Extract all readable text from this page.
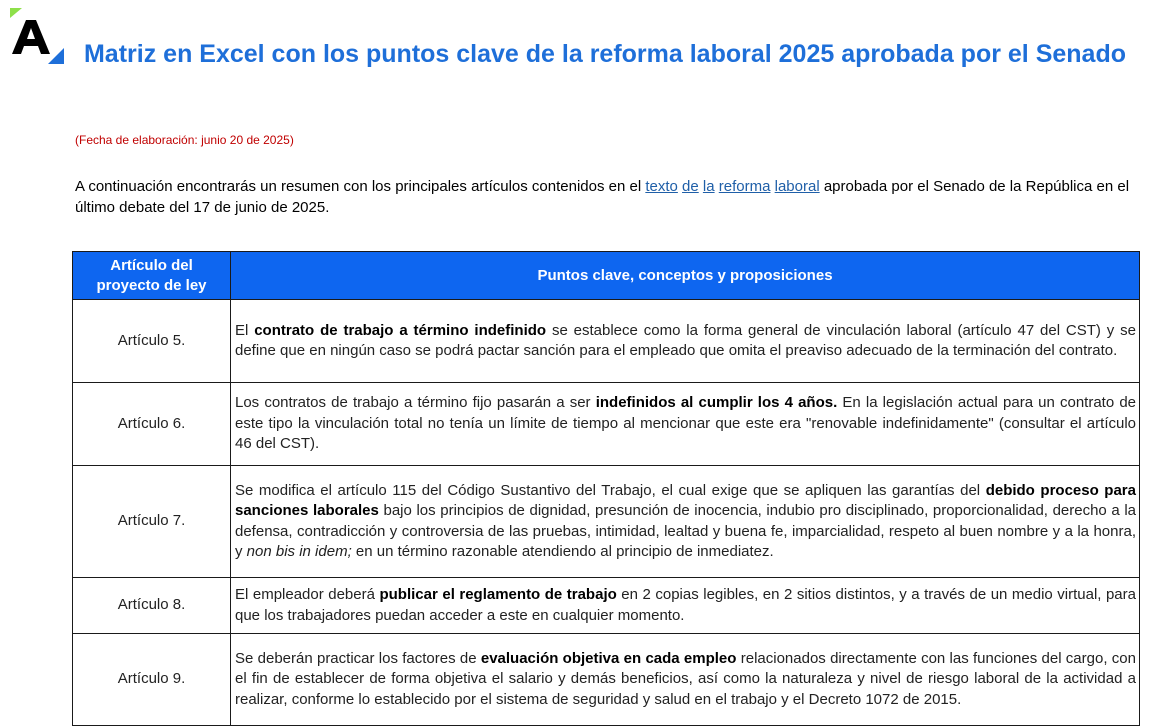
Matriz en Excel con los puntos clave de la reforma laboral 2025 aprobada por el Senado
(Fecha de elaboración: junio 20 de 2025)

A continuación encontrarás un resumen con los principales artículos contenidos en el texto de la reforma laboral aprobada por el Senado de la República en el último debate del 17 de junio de 2025.

Artículo del proyecto de ley	Puntos clave, conceptos y proposiciones
Artículo 5.	El contrato de trabajo a término indefinido se establece como la forma general de vinculación laboral (artículo 47 del CST) y se define que en ningún caso se podrá pactar sanción para el empleado que omita el preaviso adecuado de la terminación del contrato.
Artículo 6.	Los contratos de trabajo a término fijo pasarán a ser indefinidos al cumplir los 4 años. En la legislación actual para un contrato de este tipo la vinculación total no tenía un límite de tiempo al mencionar que este era "renovable indefinidamente" (consultar el artículo 46 del CST).
Artículo 7.	Se modifica el artículo 115 del Código Sustantivo del Trabajo, el cual exige que se apliquen las garantías del debido proceso para sanciones laborales bajo los principios de dignidad, presunción de inocencia, indubio pro disciplinado, proporcionalidad, derecho a la defensa, contradicción y controversia de las pruebas, intimidad, lealtad y buena fe, imparcialidad, respeto al buen nombre y a la honra, y non bis in idem; en un término razonable atendiendo al principio de inmediatez.
Artículo 8.	El empleador deberá publicar el reglamento de trabajo en 2 copias legibles, en 2 sitios distintos, y a través de un medio virtual, para que los trabajadores puedan acceder a este en cualquier momento.
Artículo 9.	Se deberán practicar los factores de evaluación objetiva en cada empleo relacionados directamente con las funciones del cargo, con el fin de establecer de forma objetiva el salario y demás beneficios, así como la naturaleza y nivel de riesgo laboral de la actividad a realizar, conforme lo establecido por el sistema de seguridad y salud en el trabajo y el Decreto 1072 de 2015.
